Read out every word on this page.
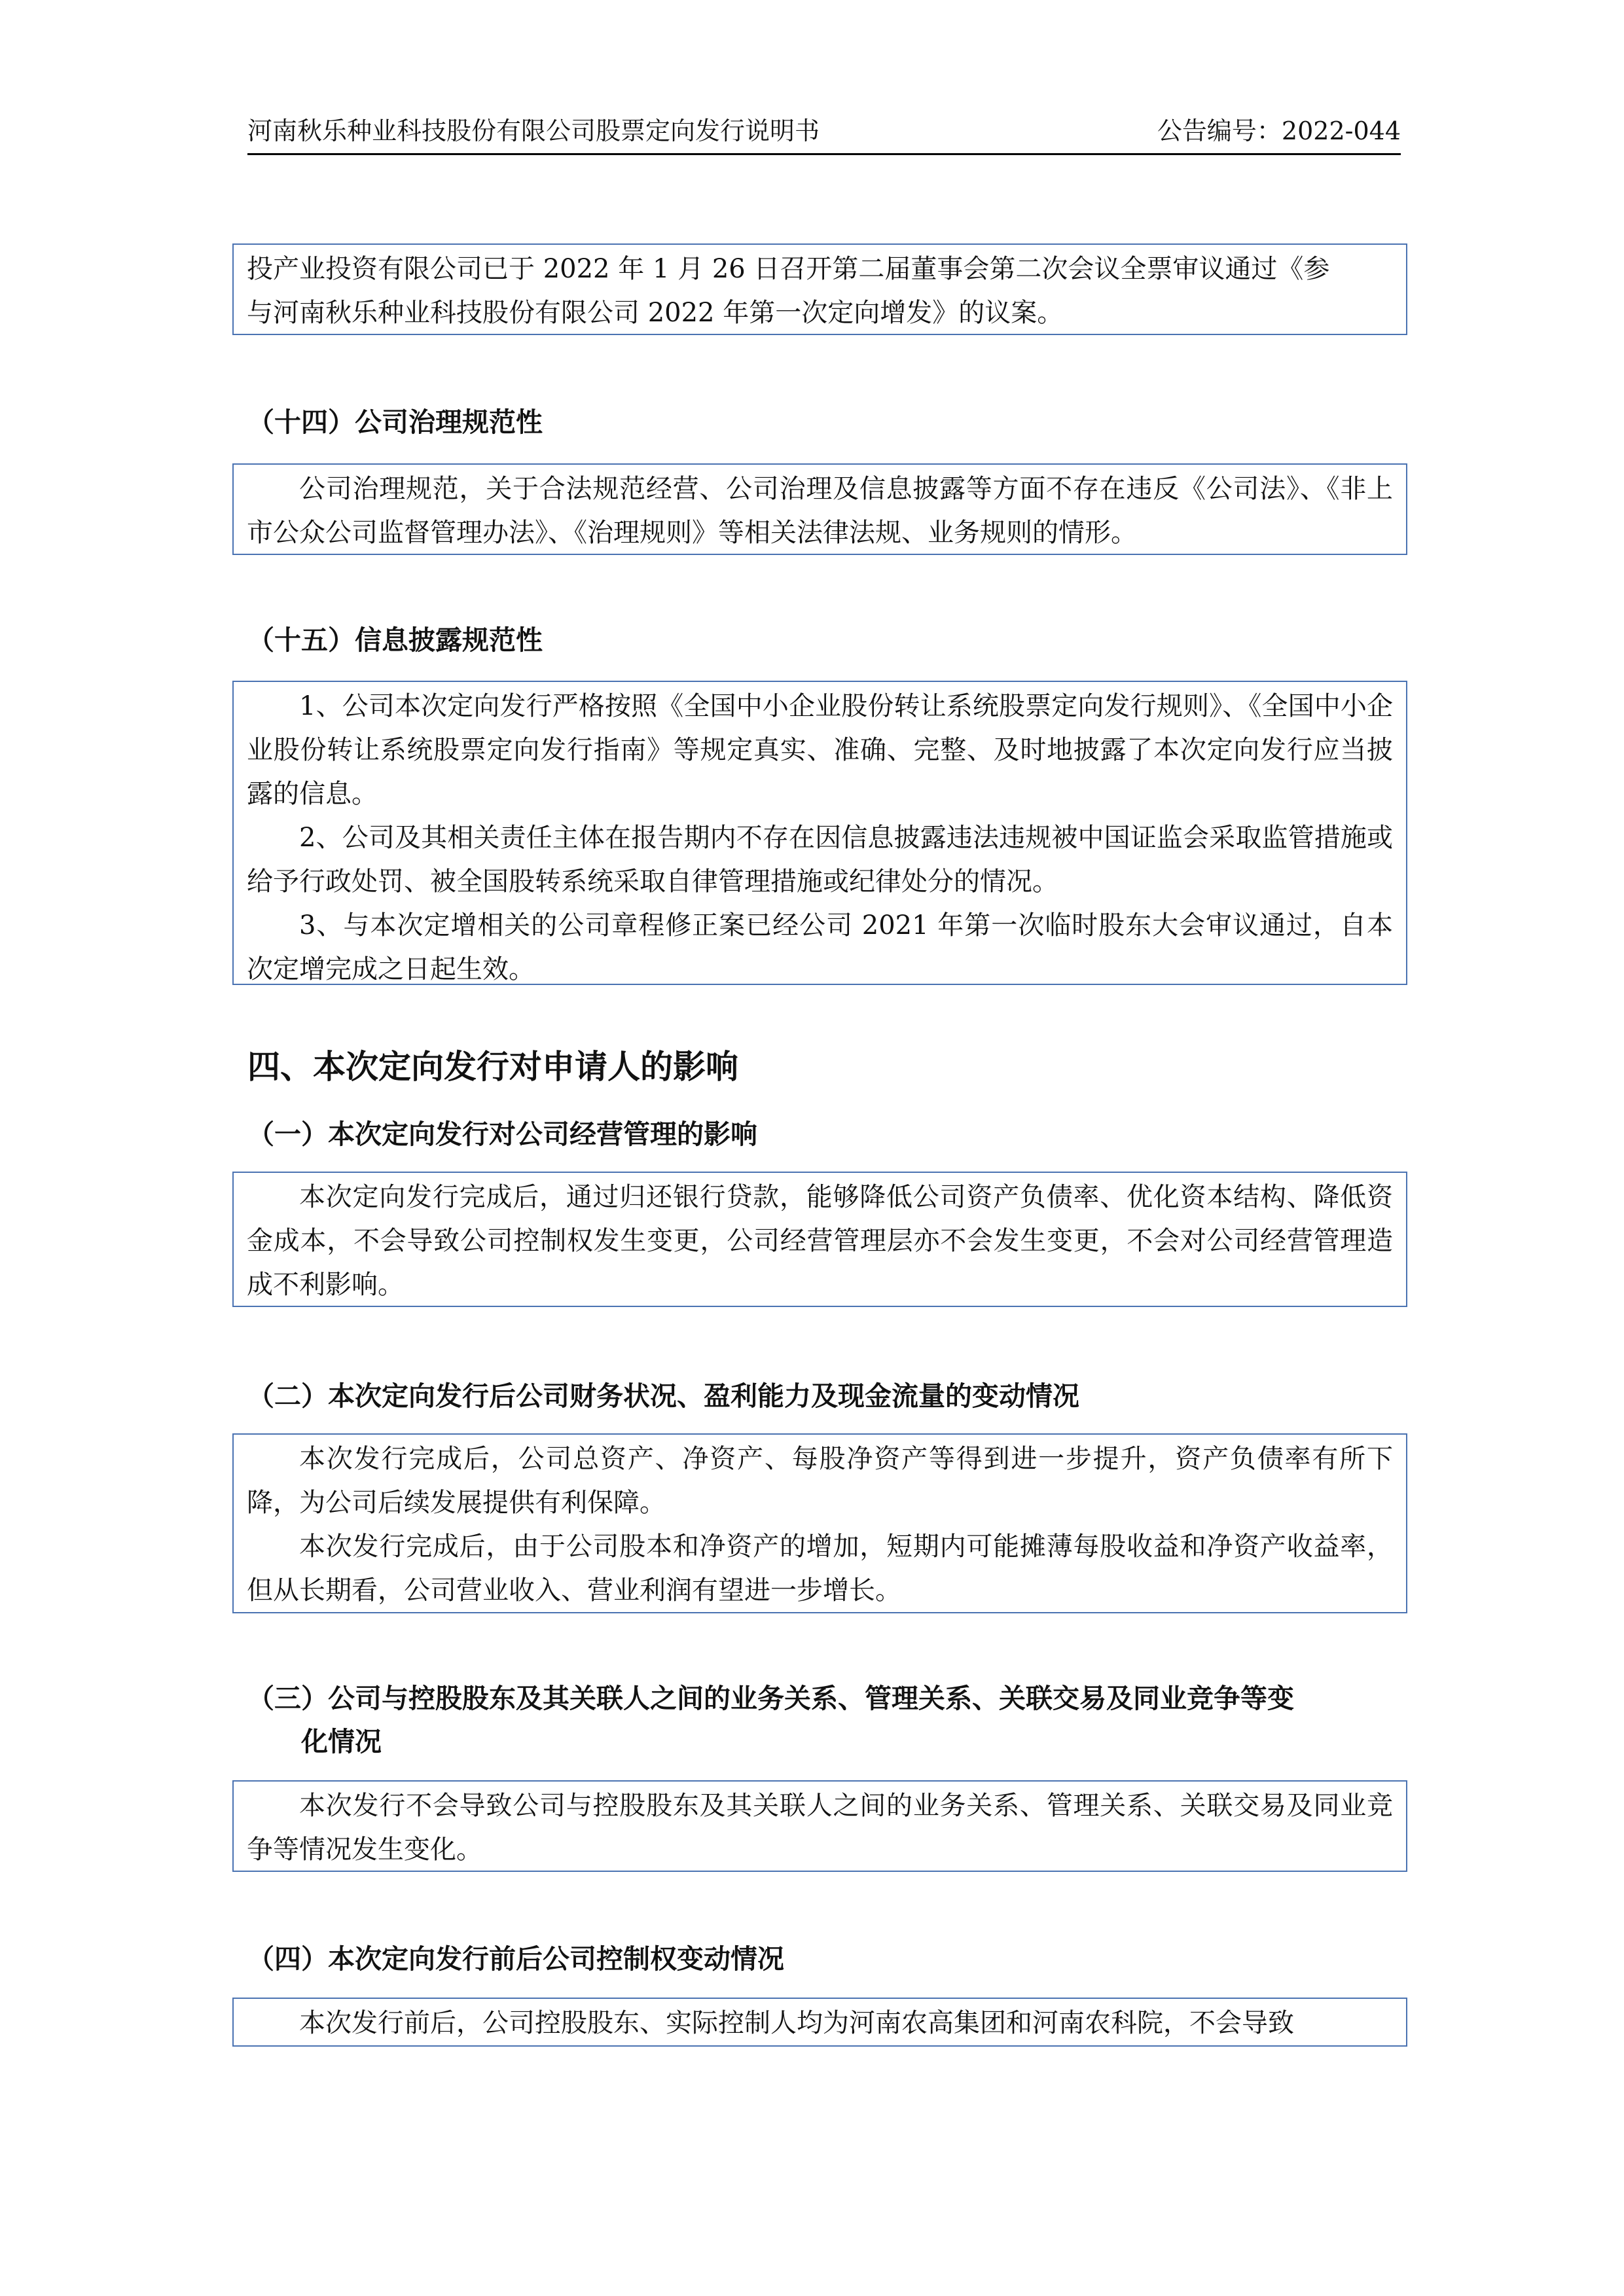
河南秋乐种业科技股份有限公司股票定向发行说明书	公告编号：2022-044

投产业投资有限公司已于 2022 年 1 月 26 日召开第二届董事会第二次会议全票审议通过《参

与河南秋乐种业科技股份有限公司 2022 年第一次定向增发》的议案。

（十四）公司治理规范性

公司治理规范，关于合法规范经营、公司治理及信息披露等方面不存在违反《公司法》、《非上市公众公司监督管理办法》、《治理规则》等相关法律法规、业务规则的情形。

（十五）信息披露规范性

1、公司本次定向发行严格按照《全国中小企业股份转让系统股票定向发行规则》、《全国中小企业股份转让系统股票定向发行指南》等规定真实、准确、完整、及时地披露了本次定向发行应当披露的信息。

2、公司及其相关责任主体在报告期内不存在因信息披露违法违规被中国证监会采取监管措施或给予行政处罚、被全国股转系统采取自律管理措施或纪律处分的情况。

3、与本次定增相关的公司章程修正案已经公司 2021 年第一次临时股东大会审议通过，自本次定增完成之日起生效。

四、本次定向发行对申请人的影响
（一）本次定向发行对公司经营管理的影响

本次定向发行完成后，通过归还银行贷款，能够降低公司资产负债率、优化资本结构、降低资金成本，不会导致公司控制权发生变更，公司经营管理层亦不会发生变更，不会对公司经营管理造成不利影响。

（二）本次定向发行后公司财务状况、盈利能力及现金流量的变动情况

本次发行完成后，公司总资产、净资产、每股净资产等得到进一步提升，资产负债率有所下降，为公司后续发展提供有利保障。

本次发行完成后，由于公司股本和净资产的增加，短期内可能摊薄每股收益和净资产收益率，但从长期看，公司营业收入、营业利润有望进一步增长。

（三）公司与控股股东及其关联人之间的业务关系、管理关系、关联交易及同业竞争等变
化情况

本次发行不会导致公司与控股股东及其关联人之间的业务关系、管理关系、关联交易及同业竞争等情况发生变化。

（四）本次定向发行前后公司控制权变动情况

本次发行前后，公司控股股东、实际控制人均为河南农高集团和河南农科院，不会导致
